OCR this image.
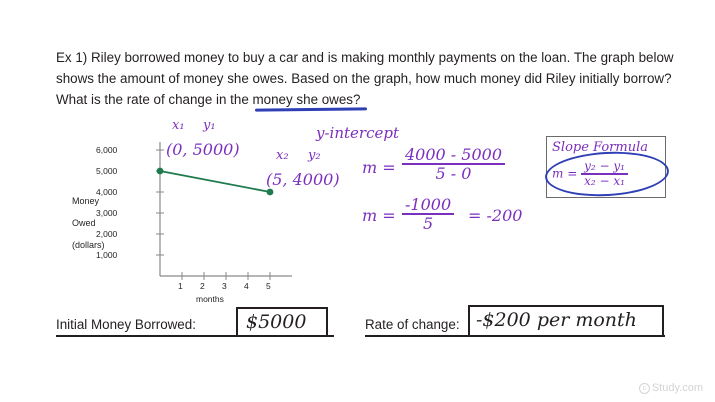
Ex 1) Riley borrowed money to buy a car and is making monthly payments on the loan. The graph below shows the amount of money she owes. Based on the graph, how much money did Riley initially borrow? What is the rate of change in the money she owes?
Money
Owed
(dollars)
6,000
5,000
4,000
3,000
2,000
1,000
1 2 3 4 5
months
x₁ y₁
(0, 5000)	x₂ y₂
(5, 4000)
y-intercept
$m = \frac{4000 - 5000}{5 - 0}$
$m = \frac{-1000}{5} = -200$
Slope Formula
$m = \frac{\text{y₂ − y₁}}{\text{x₂ − x₁}}$
Initial Money Borrowed:	$5000	Rate of change: -$200 per month
c Study.com
